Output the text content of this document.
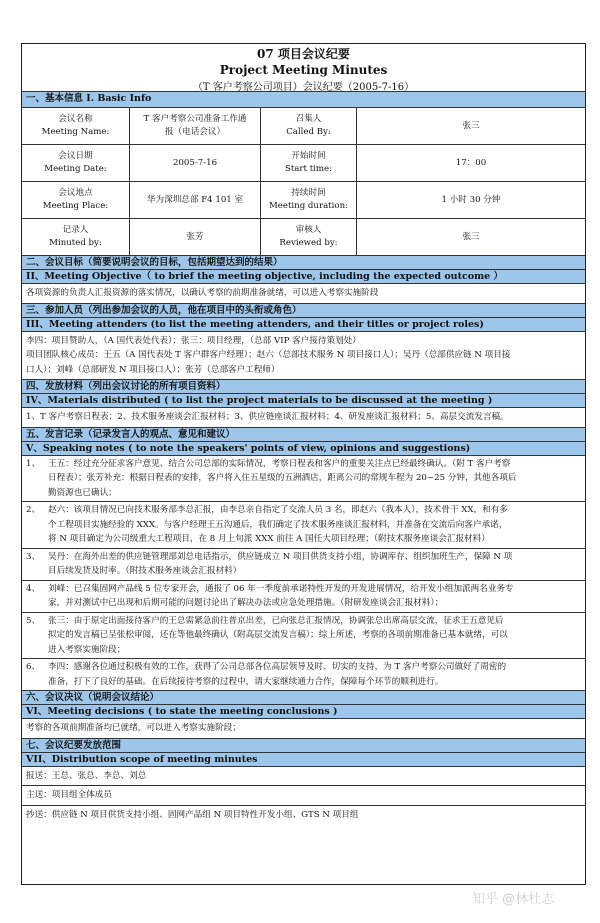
07 项目会议纪要
Project Meeting Minutes
（T 客户考察公司项目）会议纪要（2005-7-16）
一、基本信息 I. Basic Info
会议名称
Meeting Name:
T 客户考察公司准备工作通
报（电话会议）
召集人
Called By:
张三
会议日期
Meeting Date:
2005-7-16
开始时间
Start time:
17：00
会议地点
Meeting Place:
华为深圳总部 F4 101 室
持续时间
Meeting duration:
1 小时 30 分钟
记录人
Minuted by:
张芳
审核人
Reviewed by:
张三
二、会议目标（简要说明会议的目标，包括期望达到的结果）
II、Meeting Objective（ to brief the meeting objective, including the expected outcome ）
各项资源的负责人汇报资源的落实情况，以确认考察的前期准备就绪，可以进入考察实施阶段
三、参加人员（列出参加会议的人员，他在项目中的头衔或角色）
III、Meeting attenders (to list the meeting attenders, and their titles or project roles)
李四：项目赞助人，（A 国代表处代表）；张三：项目经理，（总部 VIP 客户接待策划处）
项目团队核心成员：王五（A 国代表处 T 客户群客户经理）；赵六（总部技术服务 N 项目接口人）；吴丹（总部供应链 N 项目接
口人）；刘峰（总部研发 N 项目接口人）；张芳（总部客户工程师）
四、发放材料（列出会议讨论的所有项目资料）
IV、Materials distributed ( to list the project materials to be discussed at the meeting )
1、T 客户考察日程表；2、技术服务座谈会汇报材料；3、供应链座谈汇报材料；4、研发座谈汇报材料；5、高层交流发言稿。
五、发言记录（记录发言人的观点、意见和建议）
V、Speaking notes ( to note the speakers' points of view, opinions and suggestions)
1、 王五：经过充分征求客户意见、结合公司总部的实际情况，考察日程表和客户的重要关注点已经最终确认。（附 T 客户考察
日程表）；张芳补充：根据日程表的安排，客户将入住五星级的五洲酒店，距离公司的常规车程为 20~25 分钟，其他各项后
勤资源也已确认；
2、 赵六：该项目情况已向技术服务部李总汇报，由李总亲自指定了交流人员 3 名，即赵六（我本人），技术骨干 XX，和有多
个工程项目实施经验的 XXX。与客户经理王五沟通后，我们确定了技术服务座谈汇报材料，并准备在交流后向客户承诺，
将 N 项目确定为公司级重大工程项目，在 8 月上旬派 XXX 前往 A 国任大项目经理；（附技术服务座谈会汇报材料）
3、 吴丹：在海外出差的供应链管理部刘总电话指示，供应链成立 N 项目供货支持小组，协调库存、组织加班生产，保障 N 项
目后续发货及时率。（附技术服务座谈会汇报材料）
4、 刘峰：已召集固网产品线 5 位专家开会，通报了 06 年一季度前承诺特性开发的开发进展情况，给开发小组加派两名业务专
家，并对测试中已出现和后期可能的问题讨论出了解决办法或应急处理措施。（附研发座谈会汇报材料）；
5、 张三：由于原定出面接待客户的王总需紧急前往普京出差，已向张总汇报情况，协调张总出席高层交流，征求王五意见后
拟定的发言稿已呈张松审阅，还在等他最终确认（附高层交流发言稿）；综上所述，考察的各项前期准备已基本就绪，可以
进入考察实施阶段；
6、 李四：感谢各位通过积极有效的工作，获得了公司总部各位高层领导及时、切实的支持，为 T 客户考察公司做好了周密的
准备，打下了良好的基础。在后续接待考察的过程中，请大家继续通力合作，保障每个环节的顺利进行。
六、会议决议（说明会议结论）
VI、Meeting decisions ( to state the meeting conclusions )
考察的各项前期准备均已就绪，可以进入考察实施阶段；
七、会议纪要发放范围
VII、Distribution scope of meeting minutes
报送：王总、张总、李总、刘总
主送：项目组全体成员
抄送：供应链 N 项目供货支持小组、固网产品组 N 项目特性开发小组、GTS N 项目组
知乎 @林杜志
